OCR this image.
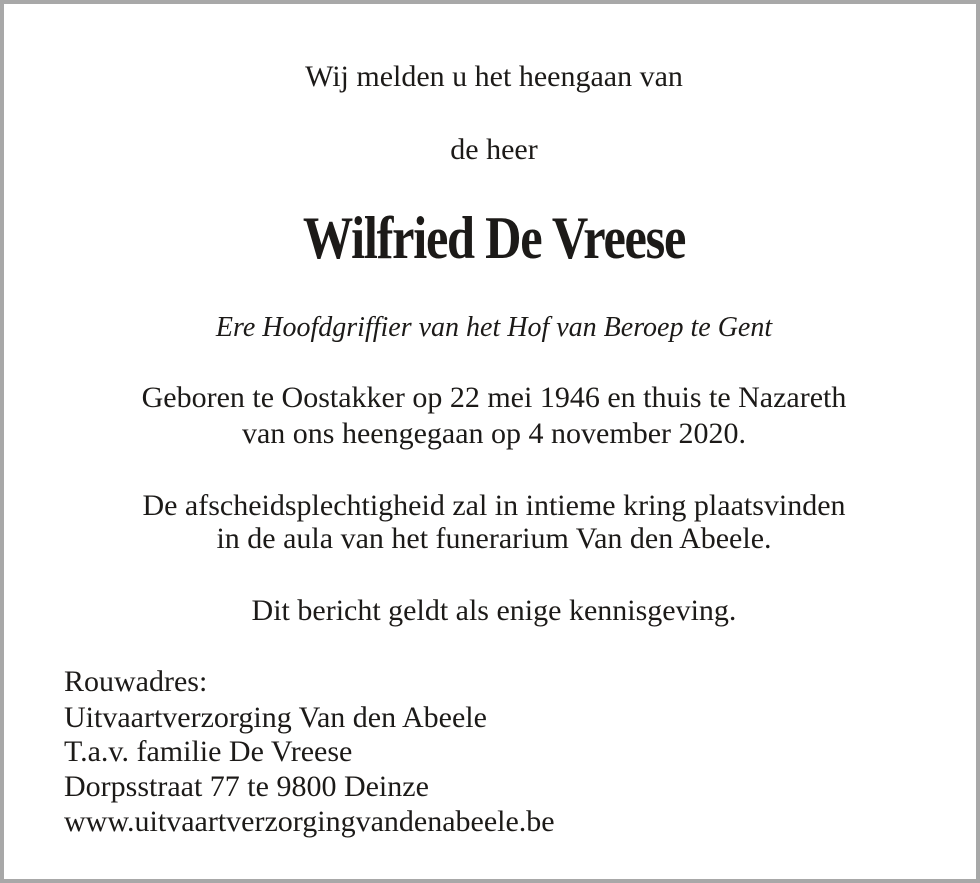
Wij melden u het heengaan van
de heer
Wilfried De Vreese
Ere Hoofdgriffier van het Hof van Beroep te Gent
Geboren te Oostakker op 22 mei 1946 en thuis te Nazareth
van ons heengegaan op 4 november 2020.
De afscheidsplechtigheid zal in intieme kring plaatsvinden
in de aula van het funerarium Van den Abeele.
Dit bericht geldt als enige kennisgeving.
Rouwadres:
Uitvaartverzorging Van den Abeele
T.a.v. familie De Vreese
Dorpsstraat 77 te 9800 Deinze
www.uitvaartverzorgingvandenabeele.be
